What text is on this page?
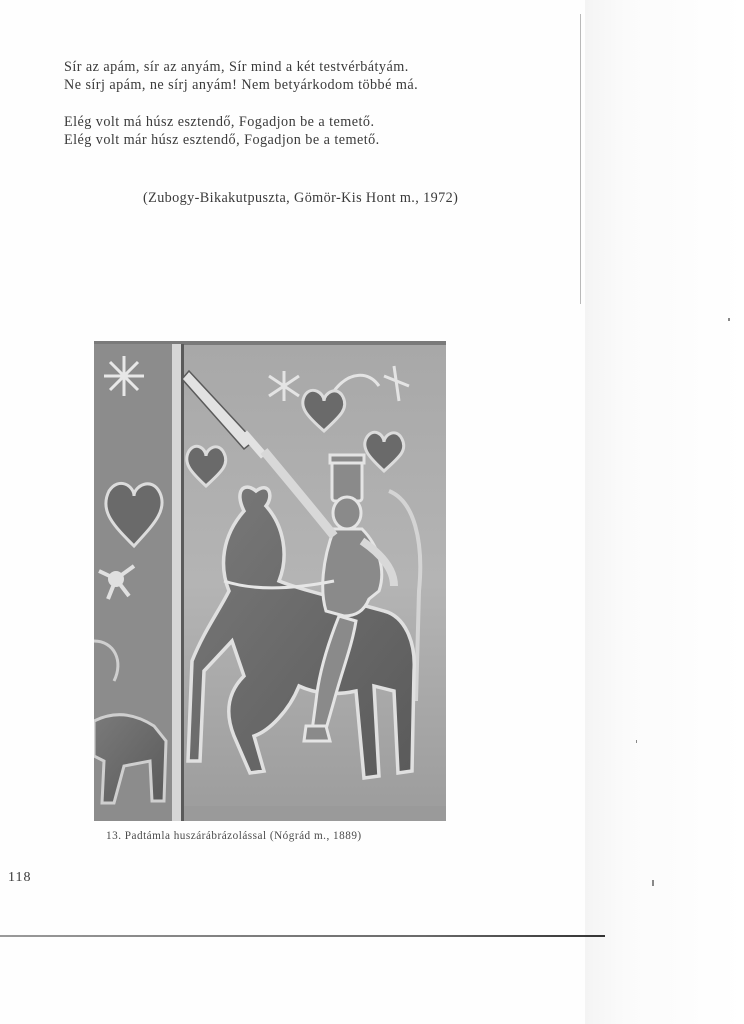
Sír az apám, sír az anyám, Sír mind a két testvérbátyám.
Ne sírj apám, ne sírj anyám! Nem betyárkodom többé má.
Elég volt má húsz esztendő, Fogadjon be a temető.
Elég volt már húsz esztendő, Fogadjon be a temető.
(Zubogy-Bikakutpuszta, Gömör-Kis Hont m., 1972)
13. Padtámla huszárábrázolással (Nógrád m., 1889)
118
